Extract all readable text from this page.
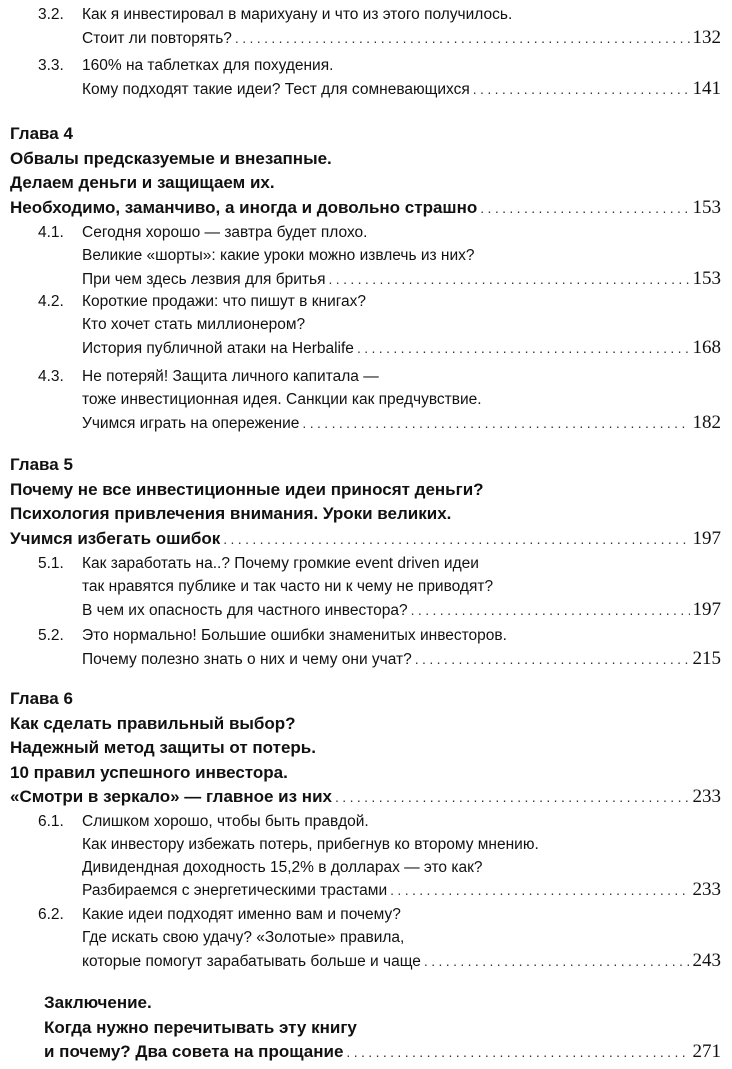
3.2. Как я инвестировал в марихуану и что из этого получилось.
Стоит ли повторять? .....	132
3.3. 160% на таблетках для похудения.
Кому подходят такие идеи? Тест для сомневающихся .....	141
Глава 4
Обвалы предсказуемые и внезапные.
Делаем деньги и защищаем их.
Необходимо, заманчиво, а иногда и довольно страшно .....	153
4.1. Сегодня хорошо — завтра будет плохо.
Великие «шорты»: какие уроки можно извлечь из них?
При чем здесь лезвия для бритья .....	153
4.2. Короткие продажи: что пишут в книгах?
Кто хочет стать миллионером?
История публичной атаки на Herbalife .....	168
4.3. Не потеряй! Защита личного капитала —
тоже инвестиционная идея. Санкции как предчувствие.
Учимся играть на опережение .....	182
Глава 5
Почему не все инвестиционные идеи приносят деньги?
Психология привлечения внимания. Уроки великих.
Учимся избегать ошибок .....	197
5.1. Как заработать на..? Почему громкие event driven идеи
так нравятся публике и так часто ни к чему не приводят?
В чем их опасность для частного инвестора? .....	197
5.2. Это нормально! Большие ошибки знаменитых инвесторов.
Почему полезно знать о них и чему они учат? .....	215
Глава 6
Как сделать правильный выбор?
Надежный метод защиты от потерь.
10 правил успешного инвестора.
«Смотри в зеркало» — главное из них .....	233
6.1. Слишком хорошо, чтобы быть правдой.
Как инвестору избежать потерь, прибегнув ко второму мнению.
Дивидендная доходность 15,2% в долларах — это как?
Разбираемся с энергетическими трастами .....	233
6.2. Какие идеи подходят именно вам и почему?
Где искать свою удачу? «Золотые» правила,
которые помогут зарабатывать больше и чаще .....	243
Заключение.
Когда нужно перечитывать эту книгу
и почему? Два совета на прощание .....	271
